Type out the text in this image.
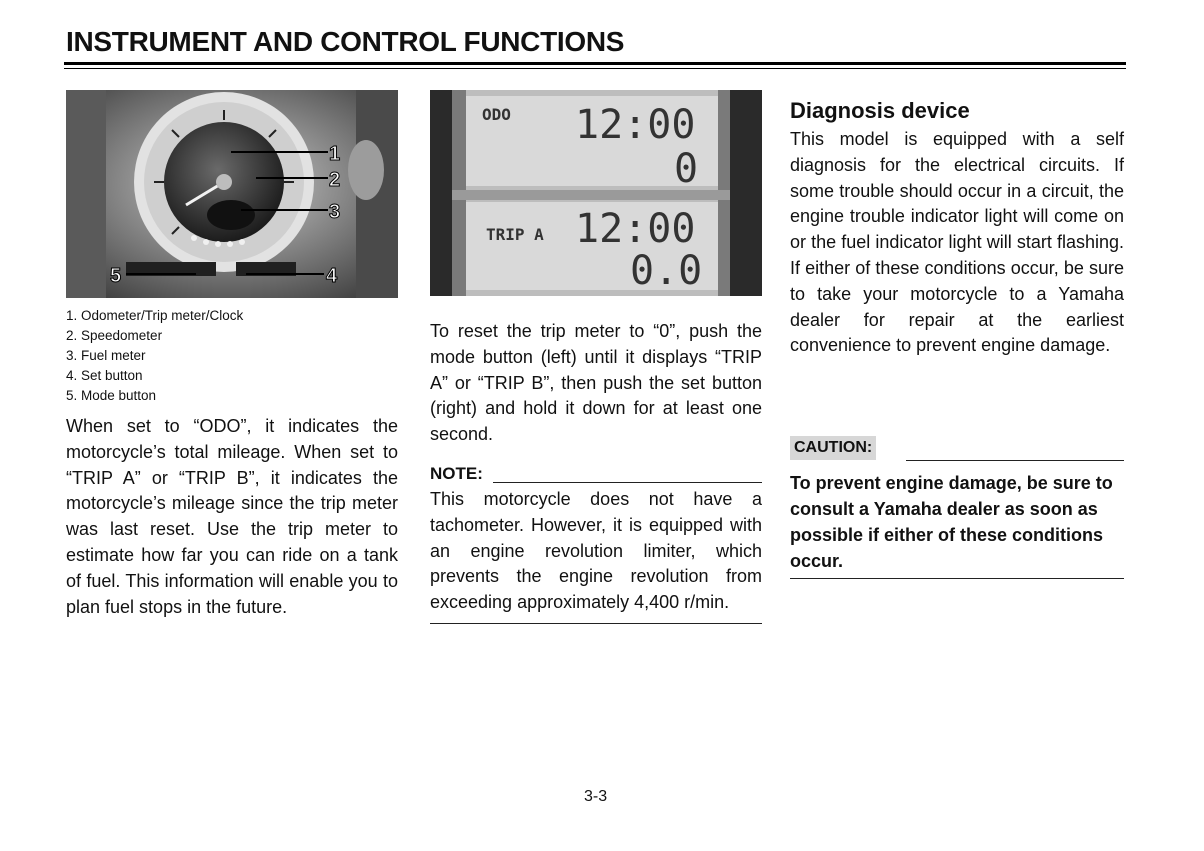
INSTRUMENT AND CONTROL FUNCTIONS
1
2
3
4
5
1. Odometer/Trip meter/Clock
2. Speedometer
3. Fuel meter
4. Set button
5. Mode button
When set to “ODO”, it indicates the motorcycle’s total mileage. When set to “TRIP A” or “TRIP B”, it indicates the motorcycle’s mileage since the trip meter was last reset. Use the trip meter to estimate how far you can ride on a tank of fuel. This information will enable you to plan fuel stops in the future.
ODO 12:00
0
TRIP A 12:00
0.0
To reset the trip meter to “0”, push the mode button (left) until it displays “TRIP A” or “TRIP B”, then push the set button (right) and hold it down for at least one second.
NOTE:
This motorcycle does not have a tachometer. However, it is equipped with an engine revolution limiter, which prevents the engine revolution from exceeding approximately 4,400 r/min.
Diagnosis device
This model is equipped with a self diagnosis for the electrical circuits. If some trouble should occur in a circuit, the engine trouble indicator light will come on or the fuel indicator light will start flashing. If either of these conditions occur, be sure to take your motorcycle to a Yamaha dealer for repair at the earliest convenience to prevent engine damage.
CAUTION:
To prevent engine damage, be sure to consult a Yamaha dealer as soon as possible if either of these conditions occur.
3-3
